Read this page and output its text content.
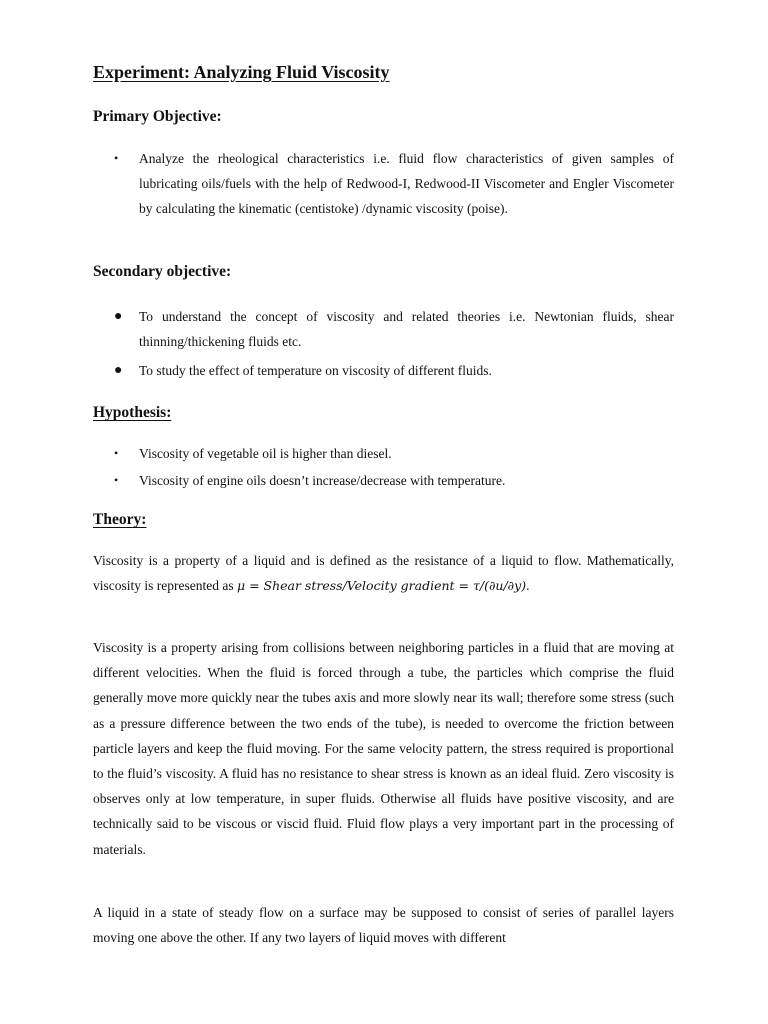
Experiment: Analyzing Fluid Viscosity
Primary Objective:
• Analyze the rheological characteristics i.e. fluid flow characteristics of given samples of lubricating oils/fuels with the help of Redwood-I, Redwood-II Viscometer and Engler Viscometer by calculating the kinematic (centistoke) /dynamic viscosity (poise).
Secondary objective:
● To understand the concept of viscosity and related theories i.e. Newtonian fluids, shear thinning/thickening fluids etc.
● To study the effect of temperature on viscosity of different fluids.
Hypothesis:
• Viscosity of vegetable oil is higher than diesel.
• Viscosity of engine oils doesn’t increase/decrease with temperature.
Theory:

Viscosity is a property of a liquid and is defined as the resistance of a liquid to flow. Mathematically, viscosity is represented as μ = Shear stress/Velocity gradient = τ/(∂u/∂y).

Viscosity is a property arising from collisions between neighboring particles in a fluid that are moving at different velocities. When the fluid is forced through a tube, the particles which comprise the fluid generally move more quickly near the tubes axis and more slowly near its wall; therefore some stress (such as a pressure difference between the two ends of the tube), is needed to overcome the friction between particle layers and keep the fluid moving. For the same velocity pattern, the stress required is proportional to the fluid’s viscosity. A fluid has no resistance to shear stress is known as an ideal fluid. Zero viscosity is observes only at low temperature, in super fluids. Otherwise all fluids have positive viscosity, and are technically said to be viscous or viscid fluid. Fluid flow plays a very important part in the processing of materials.

A liquid in a state of steady flow on a surface may be supposed to consist of series of parallel layers moving one above the other. If any two layers of liquid moves with different
